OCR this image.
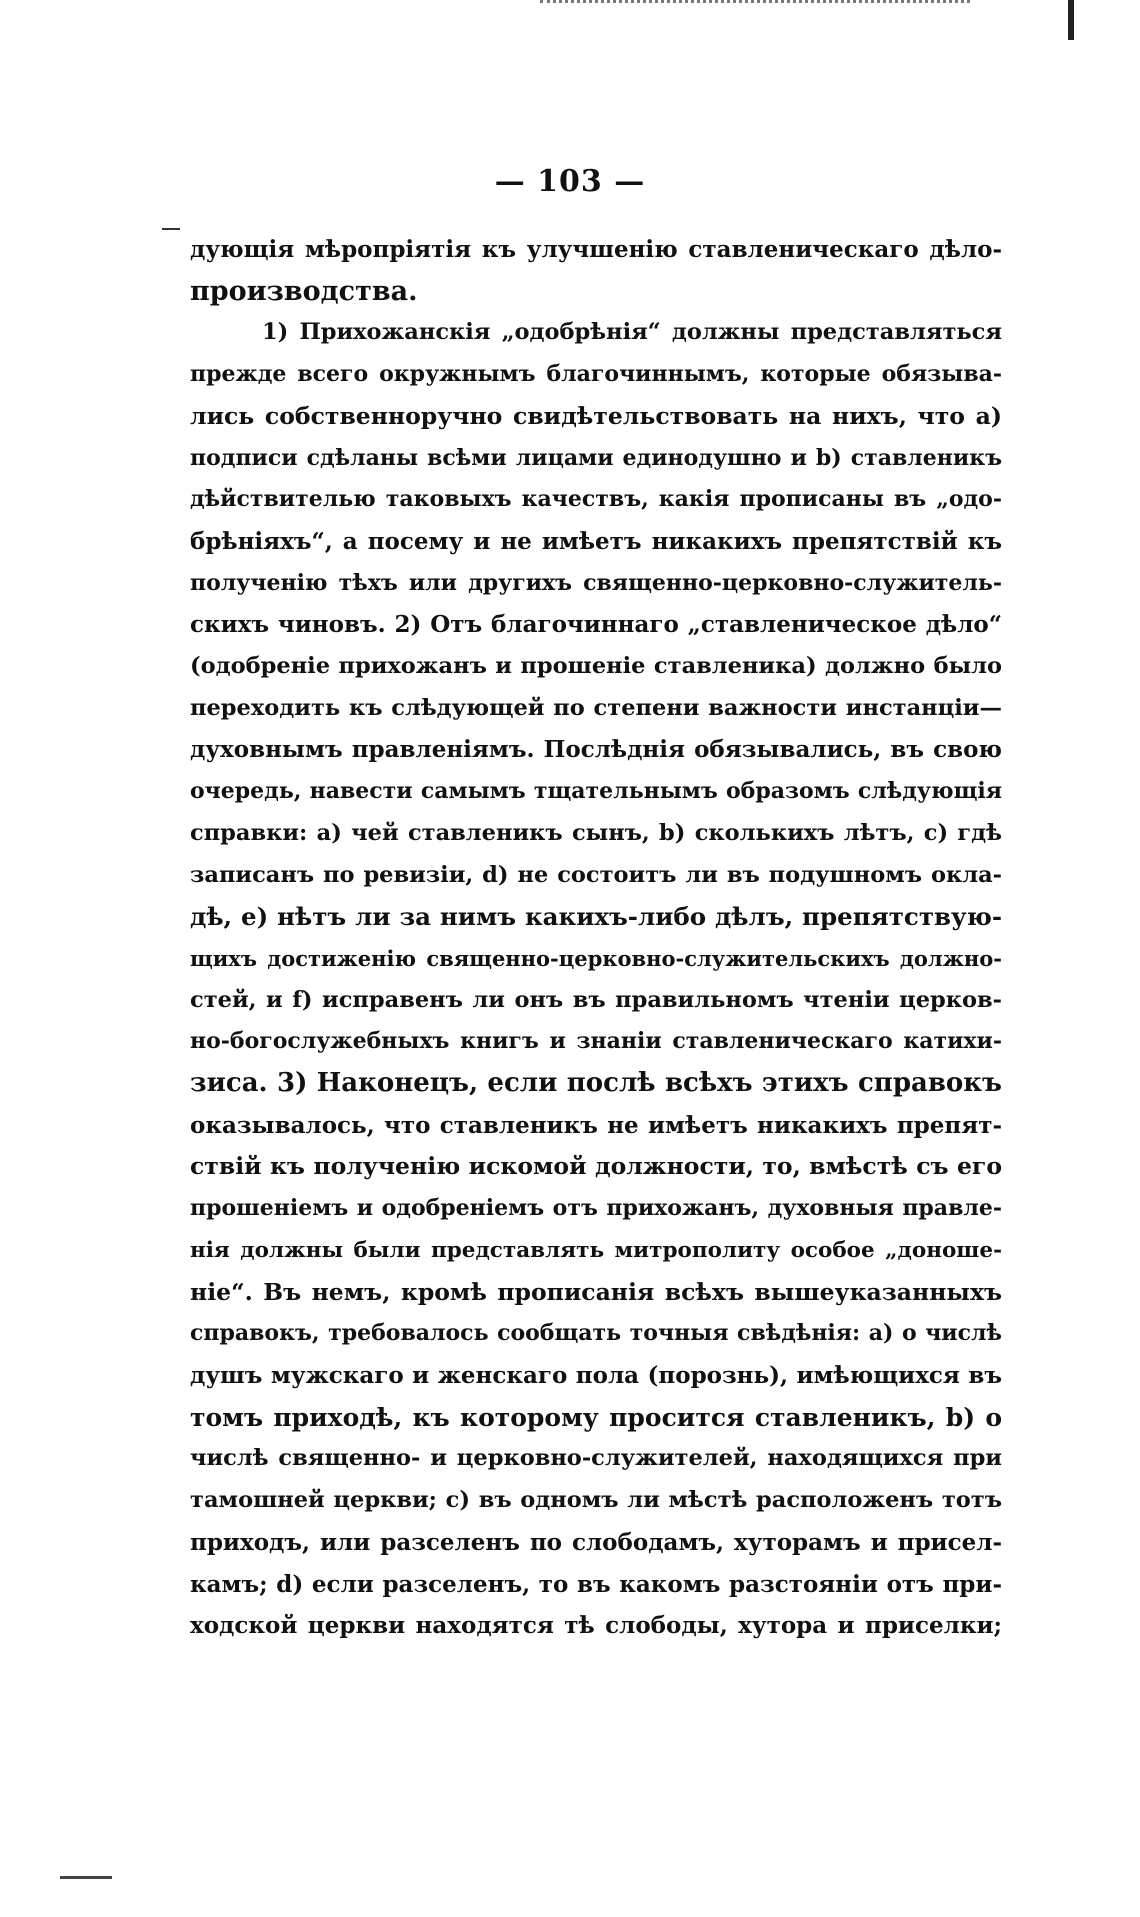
— 103 —
дующія мѣропріятія къ улучшенію ставленическаго дѣло-
производства.
1) Прихожанскія „одобрѣнія“ должны представляться
прежде всего окружнымъ благочиннымъ, которые обязыва-
лись собственноручно свидѣтельствовать на нихъ, что а)
подписи сдѣланы всѣми лицами единодушно и b) ставленикъ
дѣйствителью таковыхъ качествъ, какія прописаны въ „одо-
брѣніяхъ“, а посему и не имѣетъ никакихъ препятствій къ
полученію тѣхъ или другихъ священно-церковно-служитель-
скихъ чиновъ. 2) Отъ благочиннаго „ставленическое дѣло“
(одобреніе прихожанъ и прошеніе ставленика) должно было
переходить къ слѣдующей по степени важности инстанціи—
духовнымъ правленіямъ. Послѣднія обязывались, въ свою
очередь, навести самымъ тщательнымъ образомъ слѣдующія
справки: а) чей ставленикъ сынъ, b) сколькихъ лѣтъ, с) гдѣ
записанъ по ревизіи, d) не состоитъ ли въ подушномъ окла-
дѣ, е) нѣтъ ли за нимъ какихъ-либо дѣлъ, препятствую-
щихъ достиженію священно-церковно-служительскихъ должно-
стей, и f) исправенъ ли онъ въ правильномъ чтеніи церков-
но-богослужебныхъ книгъ и знаніи ставленическаго катихи-
зиса. 3) Наконецъ, если послѣ всѣхъ этихъ справокъ
оказывалось, что ставленикъ не имѣетъ никакихъ препят-
ствій къ полученію искомой должности, то, вмѣстѣ съ его
прошеніемъ и одобреніемъ отъ прихожанъ, духовныя правле-
нія должны были представлять митрополиту особое „доноше-
ніе“. Въ немъ, кромѣ прописанія всѣхъ вышеуказанныхъ
справокъ, требовалось сообщать точныя свѣдѣнія: а) о числѣ
душъ мужскаго и женскаго пола (порознь), имѣющихся въ
томъ приходѣ, къ которому просится ставленикъ, b) о
числѣ священно- и церковно-служителей, находящихся при
тамошней церкви; с) въ одномъ ли мѣстѣ расположенъ тотъ
приходъ, или разселенъ по слободамъ, хуторамъ и присел-
камъ; d) если разселенъ, то въ какомъ разстояніи отъ при-
ходской церкви находятся тѣ слободы, хутора и приселки;
